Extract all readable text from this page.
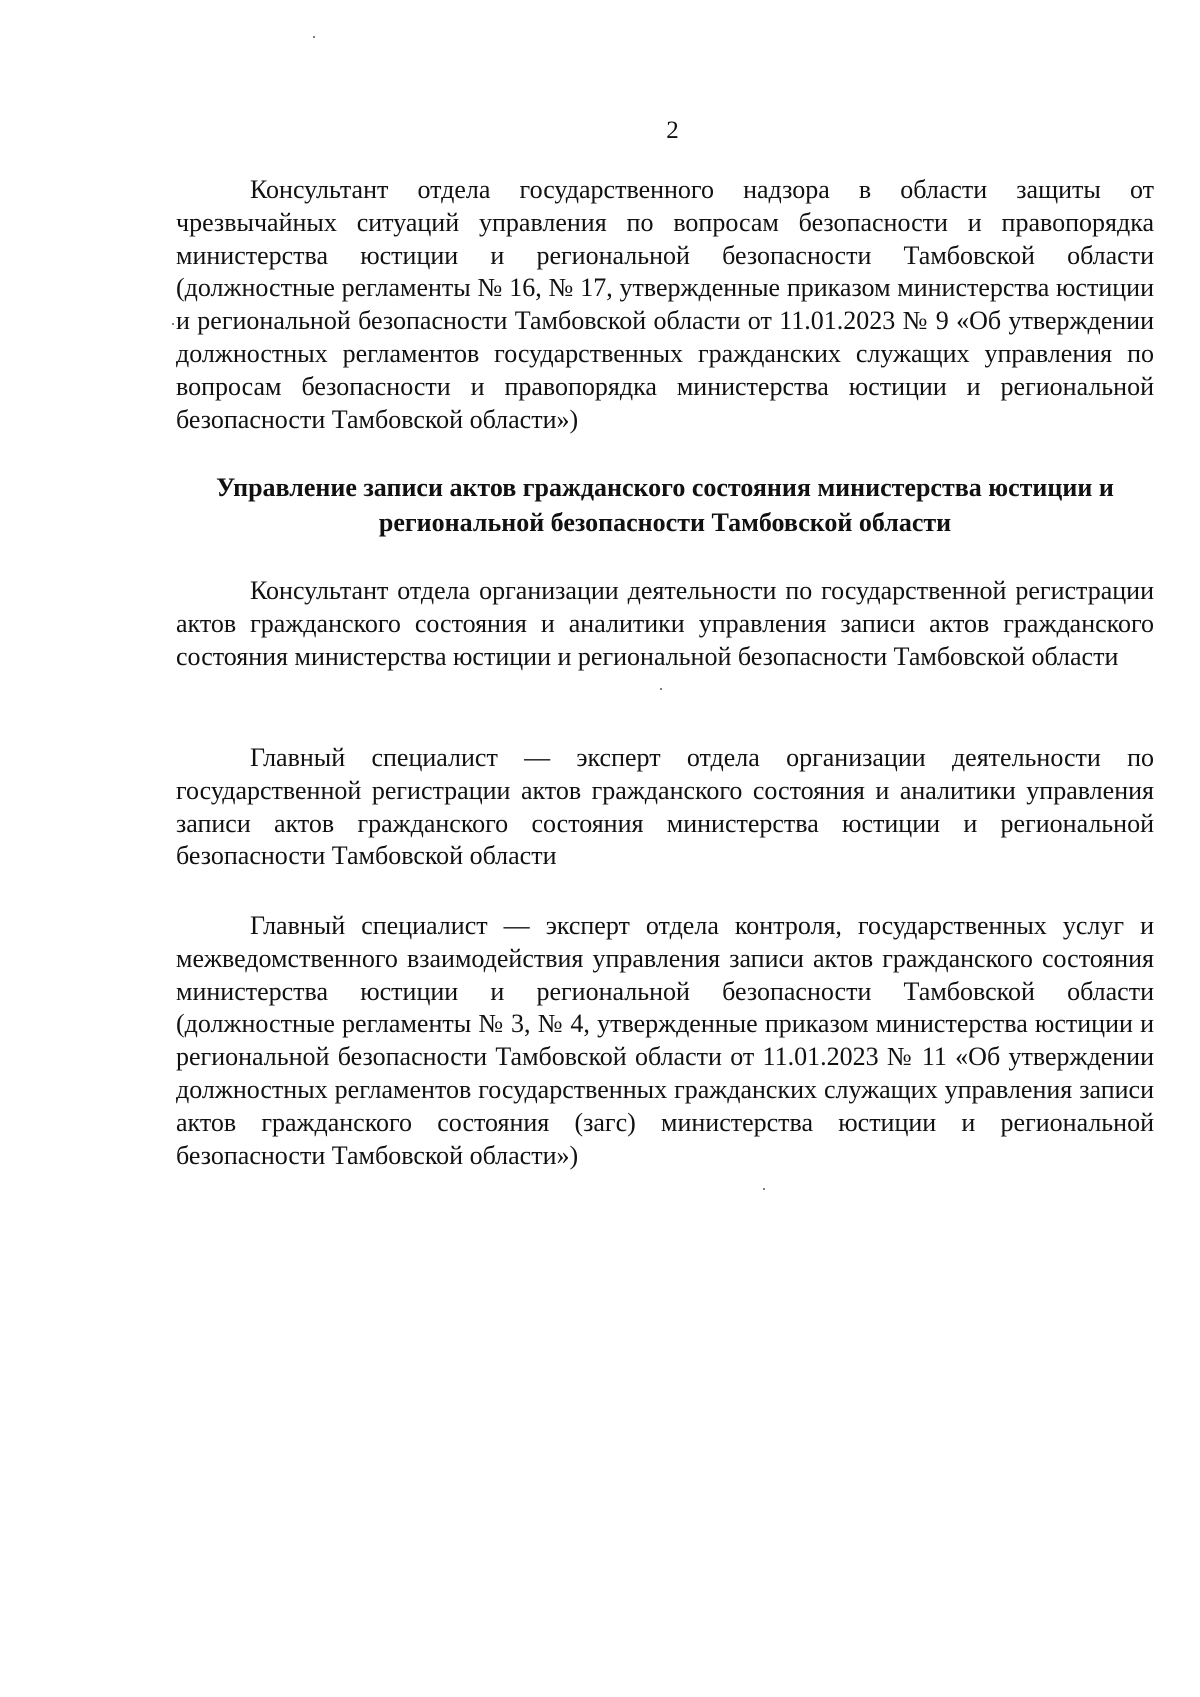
2
Консультант отдела государственного надзора в области защиты от чрезвычайных ситуаций управления по вопросам безопасности и правопорядка министерства юстиции и региональной безопасности Тамбовской области (должностные регламенты № 16, № 17, утвержденные приказом министерства юстиции и региональной безопасности Тамбовской области от 11.01.2023 № 9 «Об утверждении должностных регламентов государственных гражданских служащих управления по вопросам безопасности и правопорядка министерства юстиции и региональной безопасности Тамбовской области»)
Управление записи актов гражданского состояния министерства юстиции и региональной безопасности Тамбовской области
Консультант отдела организации деятельности по государственной регистрации актов гражданского состояния и аналитики управления записи актов гражданского состояния министерства юстиции и региональной безопасности Тамбовской области
Главный специалист — эксперт отдела организации деятельности по государственной регистрации актов гражданского состояния и аналитики управления записи актов гражданского состояния министерства юстиции и региональной безопасности Тамбовской области
Главный специалист — эксперт отдела контроля, государственных услуг и межведомственного взаимодействия управления записи актов гражданского состояния министерства юстиции и региональной безопасности Тамбовской области (должностные регламенты № 3, № 4, утвержденные приказом министерства юстиции и региональной безопасности Тамбовской области от 11.01.2023 № 11 «Об утверждении должностных регламентов государственных гражданских служащих управления записи актов гражданского состояния (загс) министерства юстиции и региональной безопасности Тамбовской области»)
